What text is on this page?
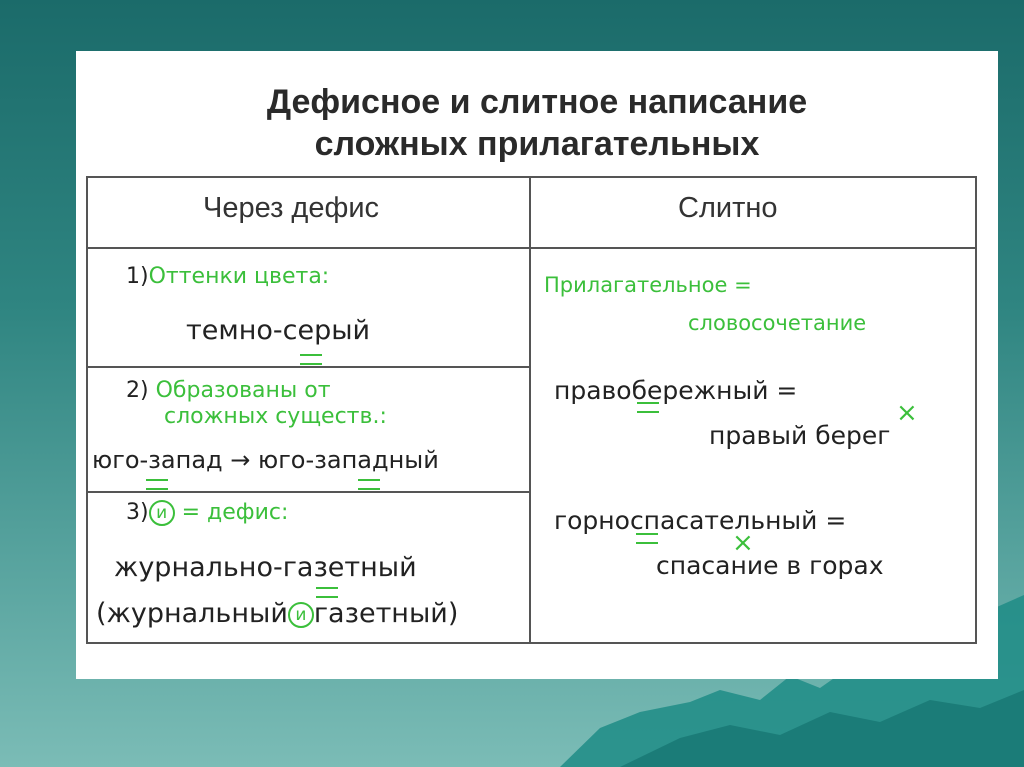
Дефисное и слитное написание
сложных прилагательных
Через дефис	Слитно
1)Оттенки цвета:
темно-серый
2) Образованы от
сложных существ.:
юго-запад → юго-западный
3) и = дефис:
журнально-газетный
(журнальный и газетный)
Прилагательное =
словосочетание
правобережный =
×
правый берег
горноспасательный =
×
спасание в горах
